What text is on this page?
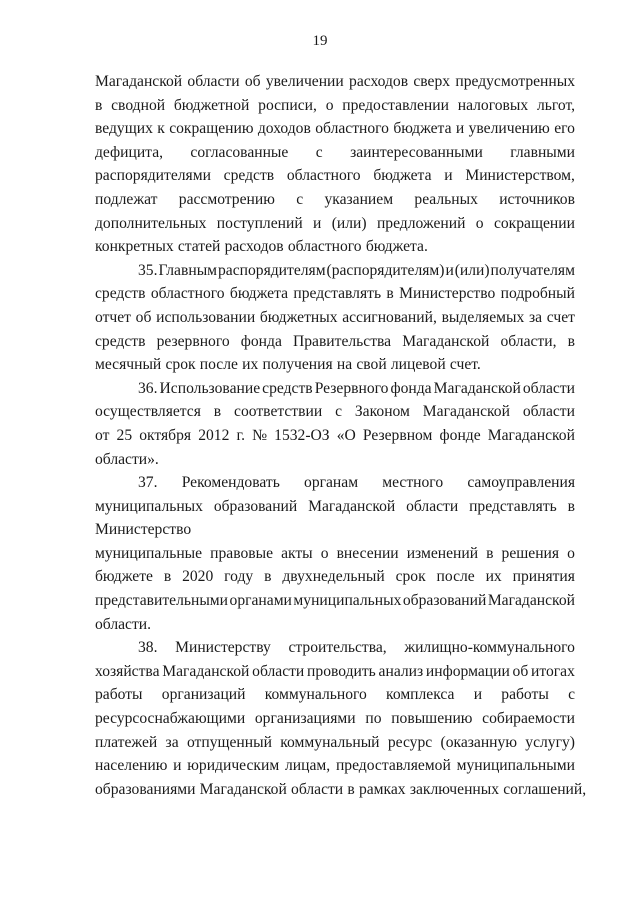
19
Магаданской области об увеличении расходов сверх предусмотренных
в сводной бюджетной росписи, о предоставлении налоговых льгот,
ведущих к сокращению доходов областного бюджета и увеличению его
дефицита, согласованные с заинтересованными главными
распорядителями средств областного бюджета и Министерством,
подлежат рассмотрению с указанием реальных источников
дополнительных поступлений и (или) предложений о сокращении
конкретных статей расходов областного бюджета.
35. Главным распорядителям (распорядителям) и (или) получателям
средств областного бюджета представлять в Министерство подробный
отчет об использовании бюджетных ассигнований, выделяемых за счет
средств резервного фонда Правительства Магаданской области, в
месячный срок после их получения на свой лицевой счет.
36. Использование средств Резервного фонда Магаданской области
осуществляется в соответствии с Законом Магаданской области
от 25 октября 2012 г. № 1532-ОЗ «О Резервном фонде Магаданской
области».
37. Рекомендовать органам местного самоуправления
муниципальных образований Магаданской области представлять в
Министерство
муниципальные правовые акты о внесении изменений в решения о
бюджете в 2020 году в двухнедельный срок после их принятия
представительными органами муниципальных образований Магаданской
области.
38. Министерству строительства, жилищно-коммунального
хозяйства Магаданской области проводить анализ информации об итогах
работы организаций коммунального комплекса и работы с
ресурсоснабжающими организациями по повышению собираемости
платежей за отпущенный коммунальный ресурс (оказанную услугу)
населению и юридическим лицам, предоставляемой муниципальными
образованиями Магаданской области в рамках заключенных соглашений,
